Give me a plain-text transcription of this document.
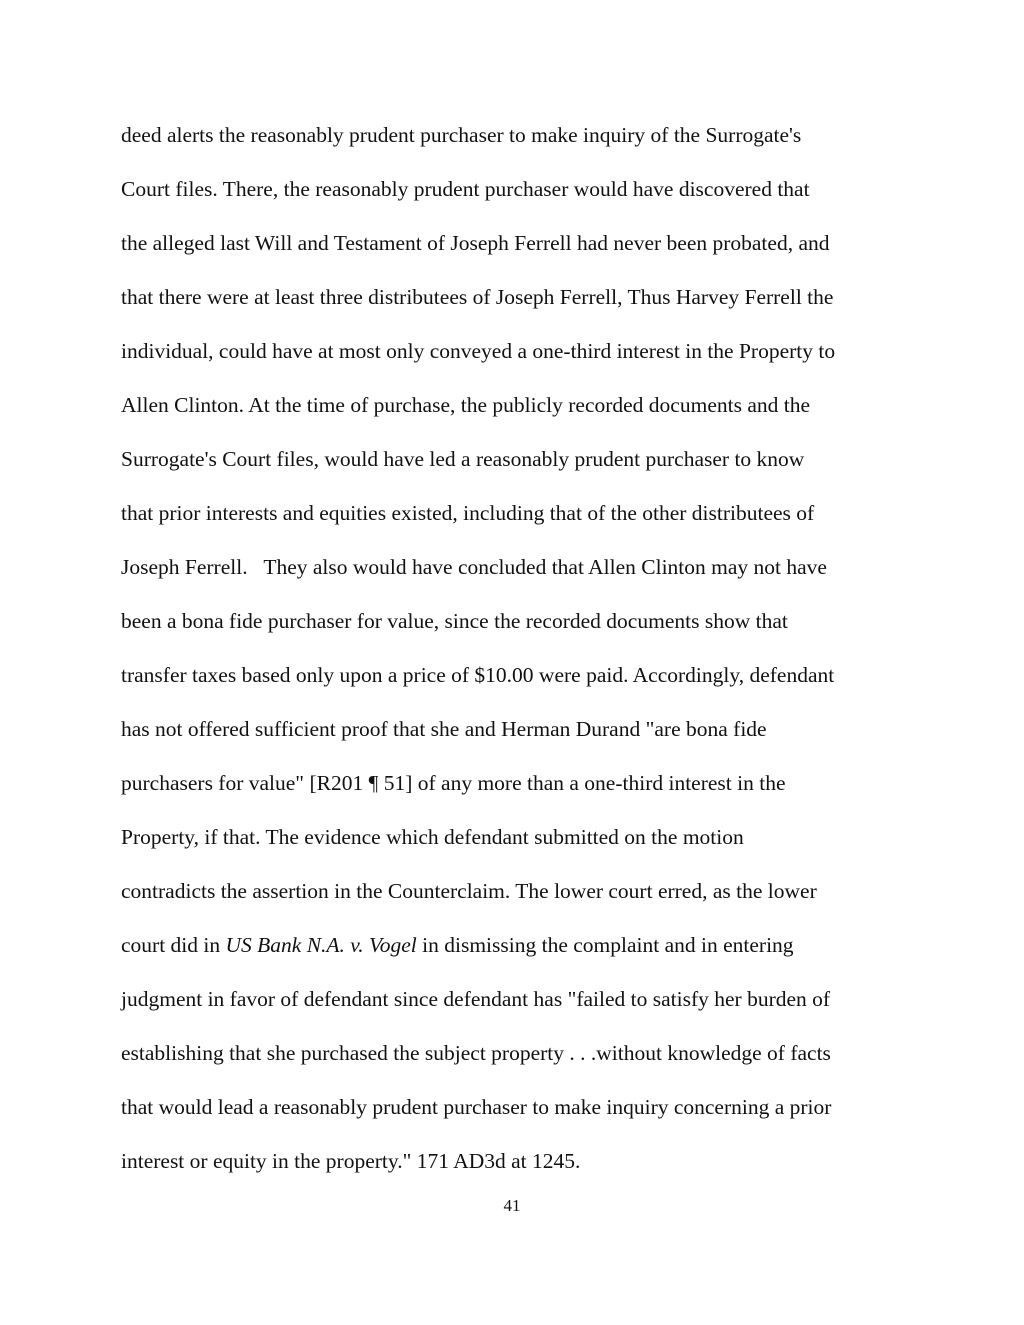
deed alerts the reasonably prudent purchaser to make inquiry of the Surrogate's
Court files. There, the reasonably prudent purchaser would have discovered that
the alleged last Will and Testament of Joseph Ferrell had never been probated, and
that there were at least three distributees of Joseph Ferrell, Thus Harvey Ferrell the
individual, could have at most only conveyed a one-third interest in the Property to
Allen Clinton. At the time of purchase, the publicly recorded documents and the
Surrogate's Court files, would have led a reasonably prudent purchaser to know
that prior interests and equities existed, including that of the other distributees of
Joseph Ferrell.   They also would have concluded that Allen Clinton may not have
been a bona fide purchaser for value, since the recorded documents show that
transfer taxes based only upon a price of $10.00 were paid. Accordingly, defendant
has not offered sufficient proof that she and Herman Durand "are bona fide
purchasers for value" [R201 ¶ 51] of any more than a one-third interest in the
Property, if that. The evidence which defendant submitted on the motion
contradicts the assertion in the Counterclaim. The lower court erred, as the lower
court did in US Bank N.A. v. Vogel in dismissing the complaint and in entering
judgment in favor of defendant since defendant has "failed to satisfy her burden of
establishing that she purchased the subject property . . .without knowledge of facts
that would lead a reasonably prudent purchaser to make inquiry concerning a prior
interest or equity in the property." 171 AD3d at 1245.
41
